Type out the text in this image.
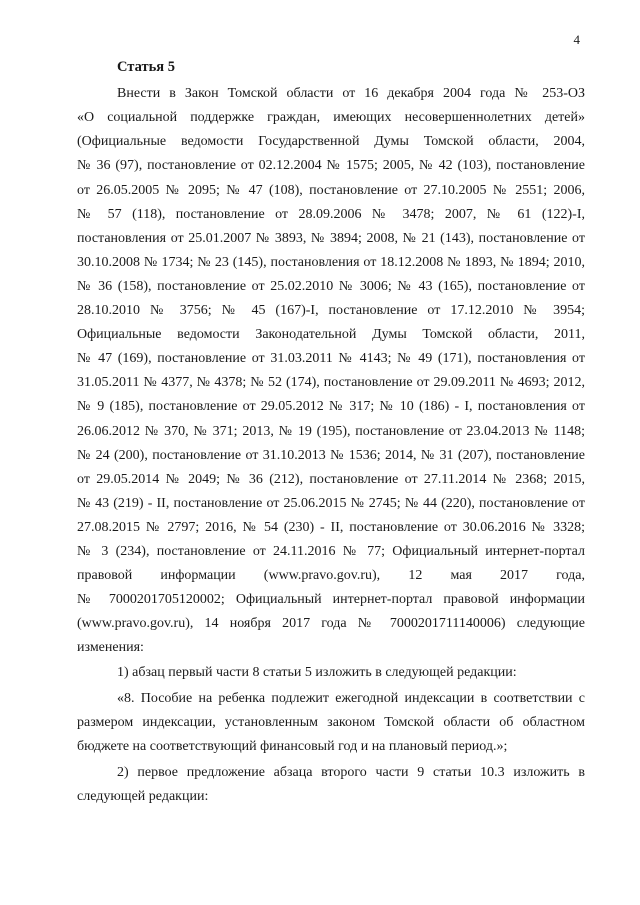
4
Статья 5
Внести в Закон Томской области от 16 декабря 2004 года № 253-ОЗ
«О социальной поддержке граждан, имеющих несовершеннолетних детей»
(Официальные ведомости Государственной Думы Томской области, 2004,
№ 36 (97), постановление от 02.12.2004 № 1575; 2005, № 42 (103), постановление
от 26.05.2005 № 2095; № 47 (108), постановление от 27.10.2005 № 2551; 2006,
№ 57 (118), постановление от 28.09.2006 № 3478; 2007, № 61 (122)-I,
постановления от 25.01.2007 № 3893, № 3894; 2008, № 21 (143), постановление от
30.10.2008 № 1734; № 23 (145), постановления от 18.12.2008 № 1893, № 1894; 2010,
№ 36 (158), постановление от 25.02.2010 № 3006; № 43 (165), постановление от
28.10.2010 № 3756; № 45 (167)-I, постановление от 17.12.2010 № 3954;
Официальные ведомости Законодательной Думы Томской области, 2011,
№ 47 (169), постановление от 31.03.2011 № 4143; № 49 (171), постановления от
31.05.2011 № 4377, № 4378; № 52 (174), постановление от 29.09.2011 № 4693; 2012,
№ 9 (185), постановление от 29.05.2012 № 317; № 10 (186) - I, постановления от
26.06.2012 № 370, № 371; 2013, № 19 (195), постановление от 23.04.2013 № 1148;
№ 24 (200), постановление от 31.10.2013 № 1536; 2014, № 31 (207), постановление
от 29.05.2014 № 2049; № 36 (212), постановление от 27.11.2014 № 2368; 2015,
№ 43 (219) - II, постановление от 25.06.2015 № 2745; № 44 (220), постановление от
27.08.2015 № 2797; 2016, № 54 (230) - II, постановление от 30.06.2016 № 3328;
№ 3 (234), постановление от 24.11.2016 № 77; Официальный интернет-портал
правовой информации (www.pravo.gov.ru), 12 мая 2017 года,
№ 7000201705120002; Официальный интернет-портал правовой информации
(www.pravo.gov.ru), 14 ноября 2017 года № 7000201711140006) следующие
изменения:
1) абзац первый части 8 статьи 5 изложить в следующей редакции:
«8. Пособие на ребенка подлежит ежегодной индексации в соответствии с
размером индексации, установленным законом Томской области об областном
бюджете на соответствующий финансовый год и на плановый период.»;
2) первое предложение абзаца второго части 9 статьи 10.3 изложить в
следующей редакции:
